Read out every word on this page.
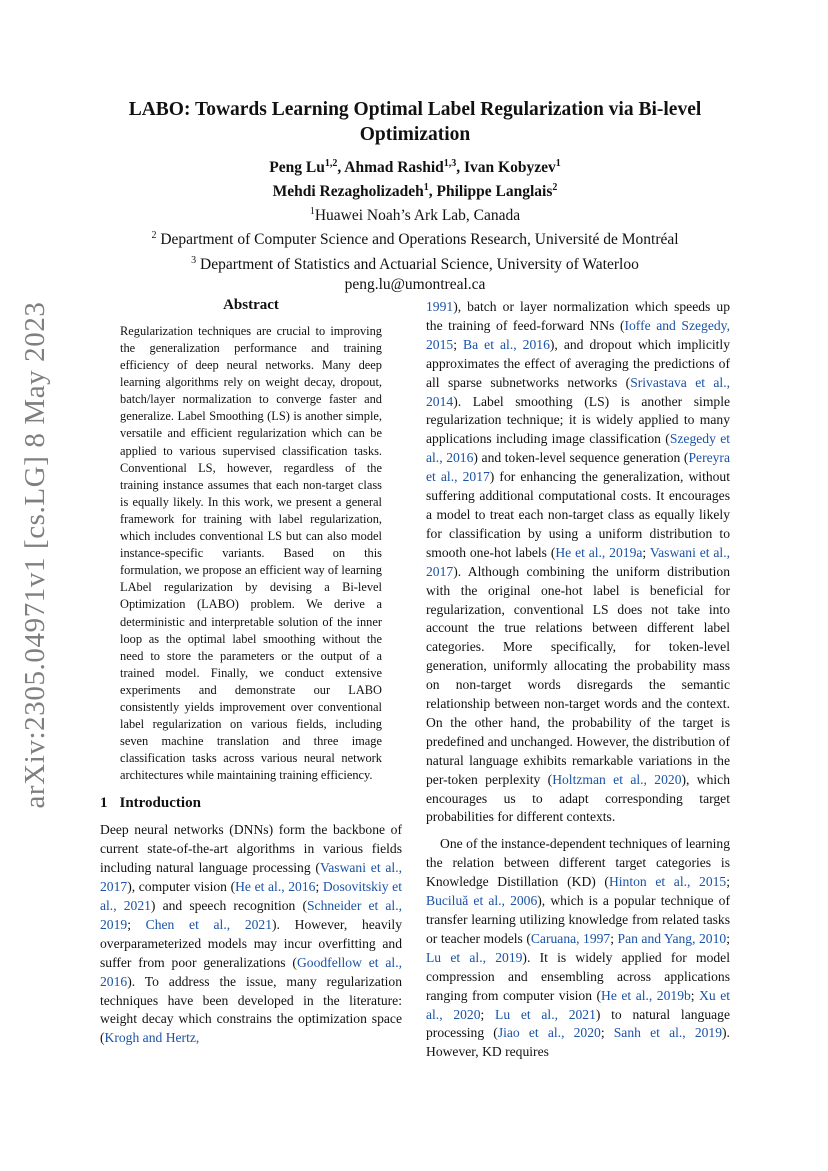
arXiv:2305.04971v1 [cs.LG] 8 May 2023
LABO: Towards Learning Optimal Label Regularization via Bi-level
Optimization
Peng Lu$^{1,2}$, Ahmad Rashid$^{1,3}$, Ivan Kobyzev$^1$
Mehdi Rezagholizadeh$^1$, Philippe Langlais$^2$
$^1$Huawei Noah’s Ark Lab, Canada
$^2$ Department of Computer Science and Operations Research, Université de Montréal
$^3$ Department of Statistics and Actuarial Science, University of Waterloo
peng.lu@umontreal.ca
Abstract

Regularization techniques are crucial to improving the generalization performance and training efficiency of deep neural networks. Many deep learning algorithms rely on weight decay, dropout, batch/layer normalization to converge faster and generalize. Label Smoothing (LS) is another simple, versatile and efficient regularization which can be applied to various supervised classification tasks. Conventional LS, however, regardless of the training instance assumes that each non-target class is equally likely. In this work, we present a general framework for training with label regularization, which includes conventional LS but can also model instance-specific variants. Based on this formulation, we propose an efficient way of learning LAbel regularization by devising a Bi-level Optimization (LABO) problem. We derive a deterministic and interpretable solution of the inner loop as the optimal label smoothing without the need to store the parameters or the output of a trained model. Finally, we conduct extensive experiments and demonstrate our LABO consistently yields improvement over conventional label regularization on various fields, including seven machine translation and three image classification tasks across various neural network architectures while maintaining training efficiency.

1 Introduction

Deep neural networks (DNNs) form the backbone of current state-of-the-art algorithms in various fields including natural language processing (Vaswani et al., 2017), computer vision (He et al., 2016; Dosovitskiy et al., 2021) and speech recognition (Schneider et al., 2019; Chen et al., 2021). However, heavily overparameterized models may incur overfitting and suffer from poor generalizations (Goodfellow et al., 2016). To address the issue, many regularization techniques have been developed in the literature: weight decay which constrains the optimization space (Krogh and Hertz,

1991), batch or layer normalization which speeds up the training of feed-forward NNs (Ioffe and Szegedy, 2015; Ba et al., 2016), and dropout which implicitly approximates the effect of averaging the predictions of all sparse subnetworks networks (Srivastava et al., 2014). Label smoothing (LS) is another simple regularization technique; it is widely applied to many applications including image classification (Szegedy et al., 2016) and token-level sequence generation (Pereyra et al., 2017) for enhancing the generalization, without suffering additional computational costs. It encourages a model to treat each non-target class as equally likely for classification by using a uniform distribution to smooth one-hot labels (He et al., 2019a; Vaswani et al., 2017). Although combining the uniform distribution with the original one-hot label is beneficial for regularization, conventional LS does not take into account the true relations between different label categories. More specifically, for token-level generation, uniformly allocating the probability mass on non-target words disregards the semantic relationship between non-target words and the context. On the other hand, the probability of the target is predefined and unchanged. However, the distribution of natural language exhibits remarkable variations in the per-token perplexity (Holtzman et al., 2020), which encourages us to adapt corresponding target probabilities for different contexts.

One of the instance-dependent techniques of learning the relation between different target categories is Knowledge Distillation (KD) (Hinton et al., 2015; Buciluă et al., 2006), which is a popular technique of transfer learning utilizing knowledge from related tasks or teacher models (Caruana, 1997; Pan and Yang, 2010; Lu et al., 2019). It is widely applied for model compression and ensembling across applications ranging from computer vision (He et al., 2019b; Xu et al., 2020; Lu et al., 2021) to natural language processing (Jiao et al., 2020; Sanh et al., 2019). However, KD requires
